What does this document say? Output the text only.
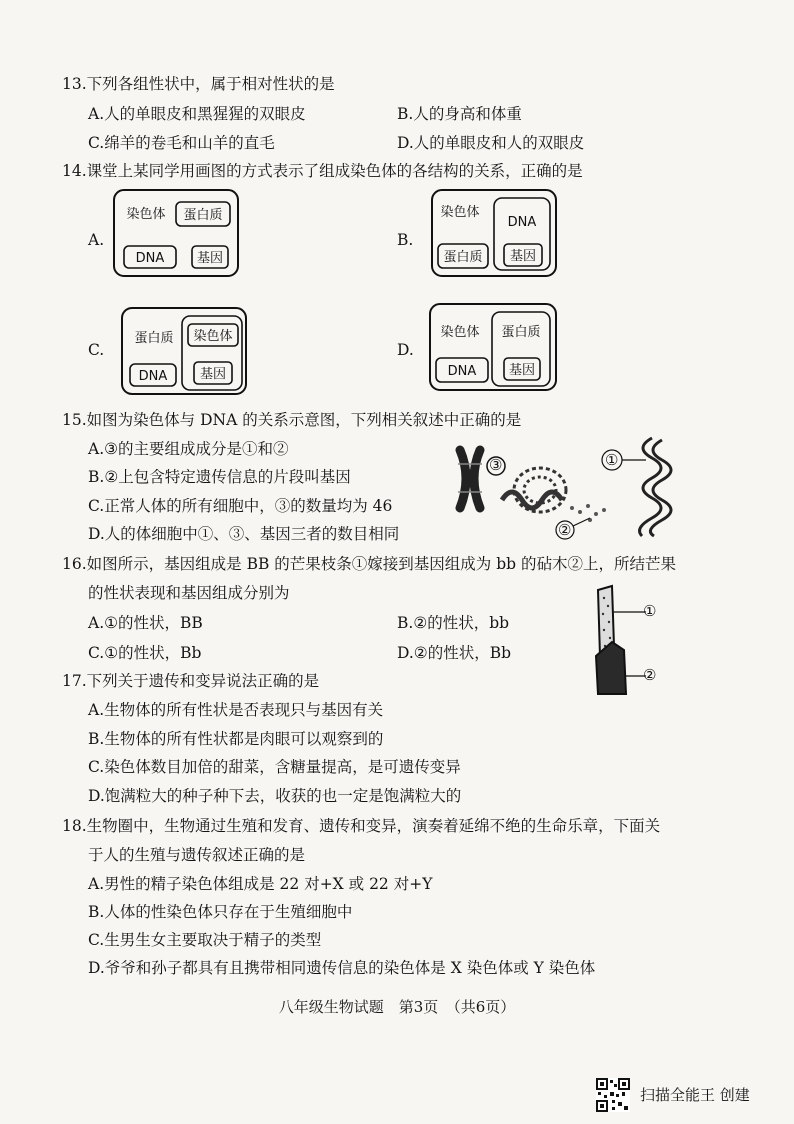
13.下列各组性状中，属于相对性状的是
A.人的单眼皮和黑猩猩的双眼皮	B.人的身高和体重
C.绵羊的卷毛和山羊的直毛	D.人的单眼皮和人的双眼皮
14.课堂上某同学用画图的方式表示了组成染色体的各结构的关系，正确的是
A.	B.
C.	D.
染色体 蛋白质
DNA	基因
染色体
DNA
蛋白质 基因
蛋白质 染色体
DNA	基因
染色体 蛋白质
DNA	基因
15.如图为染色体与 DNA 的关系示意图，下列相关叙述中正确的是
A.③的主要组成成分是①和②
B.②上包含特定遗传信息的片段叫基因
C.正常人体的所有细胞中，③的数量均为 46
D.人的体细胞中①、③、基因三者的数目相同
①
②
③
16.如图所示，基因组成是 BB 的芒果枝条①嫁接到基因组成为 bb 的砧木②上，所结芒果
的性状表现和基因组成分别为
A.①的性状，BB	B.②的性状，bb
C.①的性状，Bb	D.②的性状，Bb
①
②
17.下列关于遗传和变异说法正确的是
A.生物体的所有性状是否表现只与基因有关
B.生物体的所有性状都是肉眼可以观察到的
C.染色体数目加倍的甜菜，含糖量提高，是可遗传变异
D.饱满粒大的种子种下去，收获的也一定是饱满粒大的
18.生物圈中，生物通过生殖和发育、遗传和变异，演奏着延绵不绝的生命乐章，下面关
于人的生殖与遗传叙述正确的是
A.男性的精子染色体组成是 22 对+X 或 22 对+Y
B.人体的性染色体只存在于生殖细胞中
C.生男生女主要取决于精子的类型
D.爷爷和孙子都具有且携带相同遗传信息的染色体是 X 染色体或 Y 染色体
八年级生物试题　第3页　（共6页）
扫描全能王 创建
